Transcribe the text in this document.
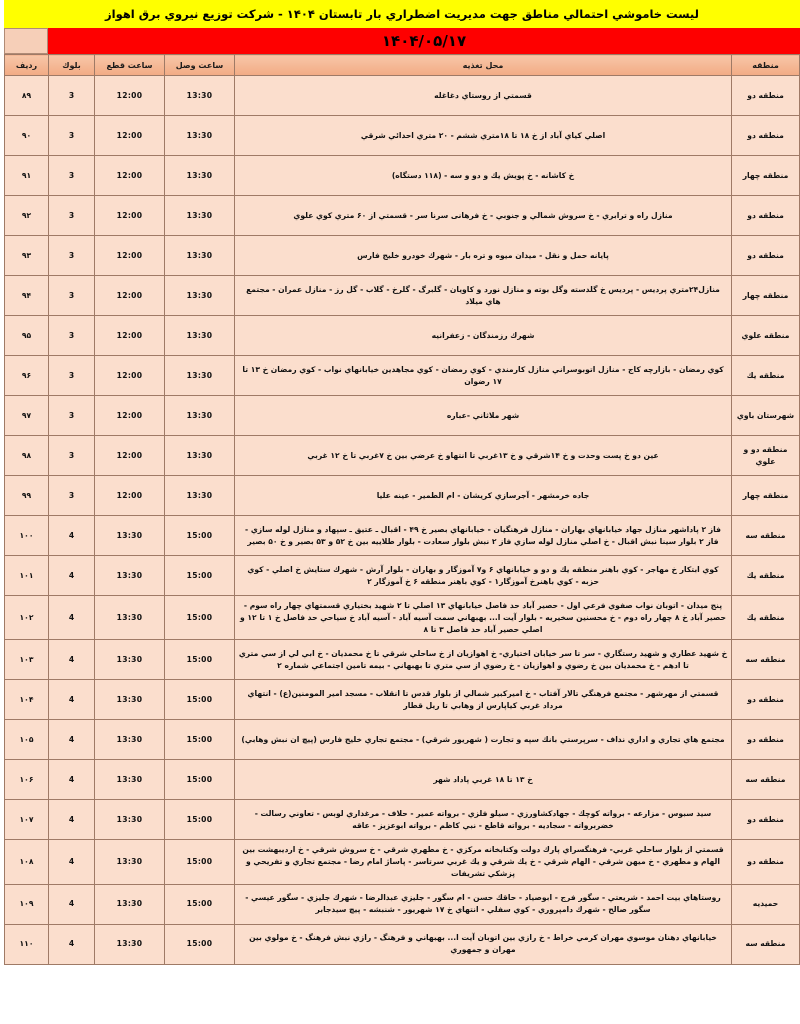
ليست خاموشي احتمالي مناطق جهت مديريت اضطراري بار تابستان ۱۴۰۴ - شركت توزيع نيروي برق اهواز
۱۴۰۴/۰۵/۱۷
منطقه	محل تغذيه	ساعت وصل	ساعت قطع	بلوك	رديف
منطقه دو	قسمتي از روستاي دغاغله	13:30	12:00	3	۸۹
منطقه دو	اصلي كياي آباد از خ ۱۸ تا ۱۸متري ششم - ۲۰ متري احدائي شرقي	13:30	12:00	3	۹۰
منطقه چهار	خ كاشانه - خ پويش يك و دو و سه - (۱۱۸ دستگاه)	13:30	12:00	3	۹۱
منطقه دو	منازل راه و ترابري - خ سروش شمالي و جنوبي - خ فرهانی سرنا سر - قسمتي از ۶۰ متري كوي علوي	13:30	12:00	3	۹۲
منطقه دو	پايانه حمل و نقل - ميدان ميوه و تره بار - شهرك خودرو خليج فارس	13:30	12:00	3	۹۳
منطقه چهار	منازل۲۴متري پرديس - پرديس خ گلدسته وگل بوته و منازل نورد و كاويان - گلبرگ - گلرخ - گلاب - گل رز - منازل عمران - مجتمع هاي ميلاد	13:30	12:00	3	۹۴
منطقه علوي	شهرك رزمندگان - زعفرانيه	13:30	12:00	3	۹۵
منطقه يك	كوي رمضان - بازارچه كاج - منازل اتوبوسراني منازل كارمندي - كوي رمضان - كوي مجاهدين خيابانهاي نواب - كوي رمضان خ ۱۳ تا ۱۷ رضوان	13:30	12:00	3	۹۶
شهرستان باوي	شهر ملاثاني -عباره	13:30	12:00	3	۹۷
منطقه دو و علوي	عين دو خ پست وحدت و خ ۱۴شرقي و خ ۱۳غربي تا انتهاو خ عرضي بين خ ۷غربي تا خ ۱۲ غربي	13:30	12:00	3	۹۸
منطقه چهار	جاده خرمشهر - آجرسازي كريشان - ام الطمير - عينه عليا	13:30	12:00	3	۹۹
منطقه سه	فاز ۲ پاداشهر منازل جهاد خيابانهاي بهاران - منازل فرهنگيان - خيابانهاي بصير خ ۴۹ - اقبال ـ عتيق ـ سپهاد و منازل لوله سازي - فاز ۲ بلوار سينا نبش اقبال - خ اصلي منازل لوله سازي فاز ۲ نبش بلوار سعادت - بلوار طلاييه بين خ ۵۲ و ۵۳ بصير و خ ۵۰ بصير	15:00	13:30	4	۱۰۰
منطقه يك	كوي ابتكار خ مهاجر - كوي باهنر منطقه يك و دو و خيابانهاي ۶ و۷ آموزگار و بهاران - بلوار آرش - شهرك ستايش خ اصلي - كوي حزبه - كوي باهنرخ آموزگار۱ - كوي باهنر منطقه ۶ خ آموزگار ۲	15:00	13:30	4	۱۰۱
منطقه يك	پنج ميدان - اتوبان نواب صفوي فرعي اول - حصير آباد حد فاصل خيابانهاي ۱۳ اصلي تا ۲ شهيد بختياري قسمتهاي چهار راه سوم - حصير آباد خ ۸ چهار راه دوم - خ محسنين سخيريه - بلوار آيت ا... بهبهاني سمت آسيه آباد - آسيه آباد خ سياحي حد فاصل خ ۱ تا ۱۲ و اصلي حصير آباد حد فاصل ۳ تا ۸	15:00	13:30	4	۱۰۲
منطقه سه	خ شهيد عطاري و شهيد رستگاري - سر تا سر خيابان اختياري- خ اهوازيان از خ ساحلي شرقي تا خ محمديان - خ ابي لي از سي متري تا ادهم - خ محمديان بين خ رضوي و اهوازيان - خ رضوي از سي متري تا بهبهاني - بيمه تامين اجتماعي شماره ۲	15:00	13:30	4	۱۰۳
منطقه دو	قسمتي از مهرشهر - مجتمع فرهنگي تالار آفتاب - خ اميركبير شمالي از بلوار قدس تا انقلاب - مسجد امير المومنين(ع) - انتهاي مرداد غربي كياپارس از وهابي تا ريل قطار	15:00	13:30	4	۱۰۴
منطقه دو	مجتمع هاي تجاري و اداري نداف - سرپرستي بانك سپه و تجارت ( شهريور شرقي) - مجتمع تجاري خليج فارس (پيچ ان نبش وهابي)	15:00	13:30	4	۱۰۵
منطقه سه	خ ۱۳ تا ۱۸ غربي پاداد شهر	15:00	13:30	4	۱۰۶
منطقه دو	سيد سبوس - مزارعه - برواته كوچك - جهادكشاورزي - سيلو فلزي - برواته عمير - حلاف - مرغداري لوبس - تعاوني رسالت - خضربرواته - سجاديه - برواته قاطع - نبي كاظم - برواته ابوعزيز - عاقه	15:00	13:30	4	۱۰۷
منطقه دو	قسمتي از بلوار ساحلي غربي- فرهنگسراي پارك دولت وكتابخانه مركزي - خ مطهري شرقي - خ سروش شرقي - خ ارديبهشت بين الهام و مطهري - خ ميهن شرقي - الهام شرقي - خ يك شرقي و يك غربي سرتاسر - پاساژ امام رضا - مجتمع تجاري و تفريحي و پزشكي تشريفات	15:00	13:30	4	۱۰۸
حميديه	روستاهاي بيت احمد - شريعتي - سگور فرج - ابوصياد - حاقك حسن - ام سگور - جليزي عبدالرضا - شهرك جليزي - سگور عيسي - سگور صالح - شهرك دامپروري - كوي سفلي - انتهاي خ ۱۷ شهريور - شنبشه - پيچ سيدجابر	15:00	13:30	4	۱۰۹
منطقه سه	خيابانهاي دهنان موسوي مهران كرمي خراط - خ رازي بين اتوبان آيت ا... بهبهاني و فرهنگ - رازي نبش فرهنگ - خ مولوي بين مهران و جمهوري	15:00	13:30	4	۱۱۰
